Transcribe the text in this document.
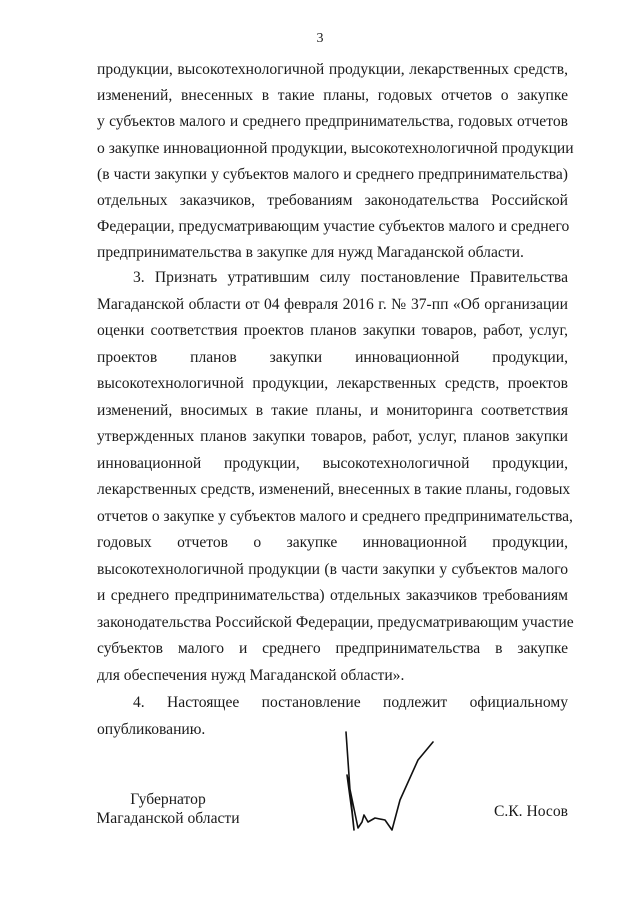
3
продукции, высокотехнологичной продукции, лекарственных средств,
изменений, внесенных в такие планы, годовых отчетов о закупке
у субъектов малого и среднего предпринимательства, годовых отчетов
о закупке инновационной продукции, высокотехнологичной продукции
(в части закупки у субъектов малого и среднего предпринимательства)
отдельных заказчиков, требованиям законодательства Российской
Федерации, предусматривающим участие субъектов малого и среднего
предпринимательства в закупке для нужд Магаданской области.
3. Признать утратившим силу постановление Правительства
Магаданской области от 04 февраля 2016 г. № 37-пп «Об организации
оценки соответствия проектов планов закупки товаров, работ, услуг,
проектов планов закупки инновационной продукции,
высокотехнологичной продукции, лекарственных средств, проектов
изменений, вносимых в такие планы, и мониторинга соответствия
утвержденных планов закупки товаров, работ, услуг, планов закупки
инновационной продукции, высокотехнологичной продукции,
лекарственных средств, изменений, внесенных в такие планы, годовых
отчетов о закупке у субъектов малого и среднего предпринимательства,
годовых отчетов о закупке инновационной продукции,
высокотехнологичной продукции (в части закупки у субъектов малого
и среднего предпринимательства) отдельных заказчиков требованиям
законодательства Российской Федерации, предусматривающим участие
субъектов малого и среднего предпринимательства в закупке
для обеспечения нужд Магаданской области».
4. Настоящее постановление подлежит официальному
опубликованию.
Губернатор
Магаданской области	С.К. Носов
